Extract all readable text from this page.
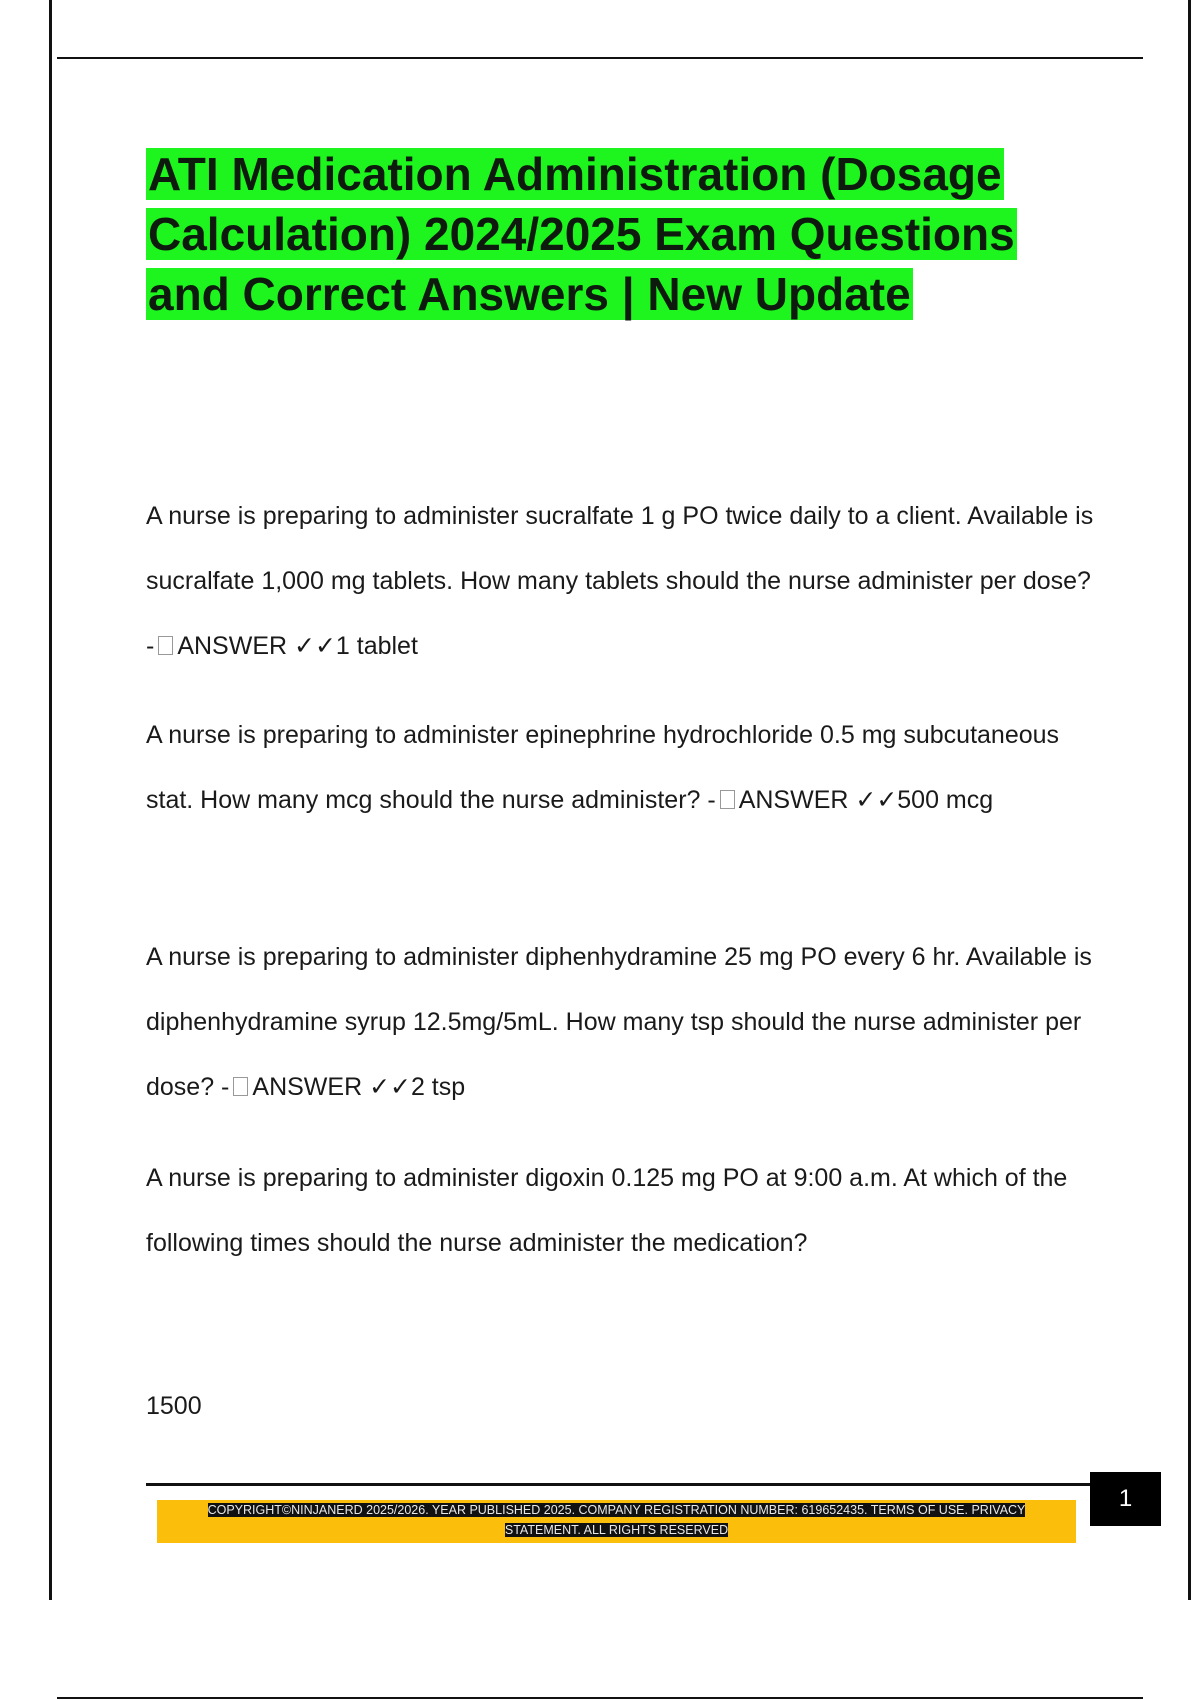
ATI Medication Administration (Dosage Calculation) 2024/2025 Exam Questions and Correct Answers | New Update
A nurse is preparing to administer sucralfate 1 g PO twice daily to a client. Available is sucralfate 1,000 mg tablets. How many tablets should the nurse administer per dose? - ANSWER ✓✓1 tablet
A nurse is preparing to administer epinephrine hydrochloride 0.5 mg subcutaneous stat. How many mcg should the nurse administer? - ANSWER ✓✓500 mcg
A nurse is preparing to administer diphenhydramine 25 mg PO every 6 hr. Available is diphenhydramine syrup 12.5mg/5mL. How many tsp should the nurse administer per dose? - ANSWER ✓✓2 tsp
A nurse is preparing to administer digoxin 0.125 mg PO at 9:00 a.m. At which of the following times should the nurse administer the medication?
1500
1
COPYRIGHT©NINJANERD 2025/2026. YEAR PUBLISHED 2025. COMPANY REGISTRATION NUMBER: 619652435. TERMS OF USE. PRIVACY
STATEMENT. ALL RIGHTS RESERVED
